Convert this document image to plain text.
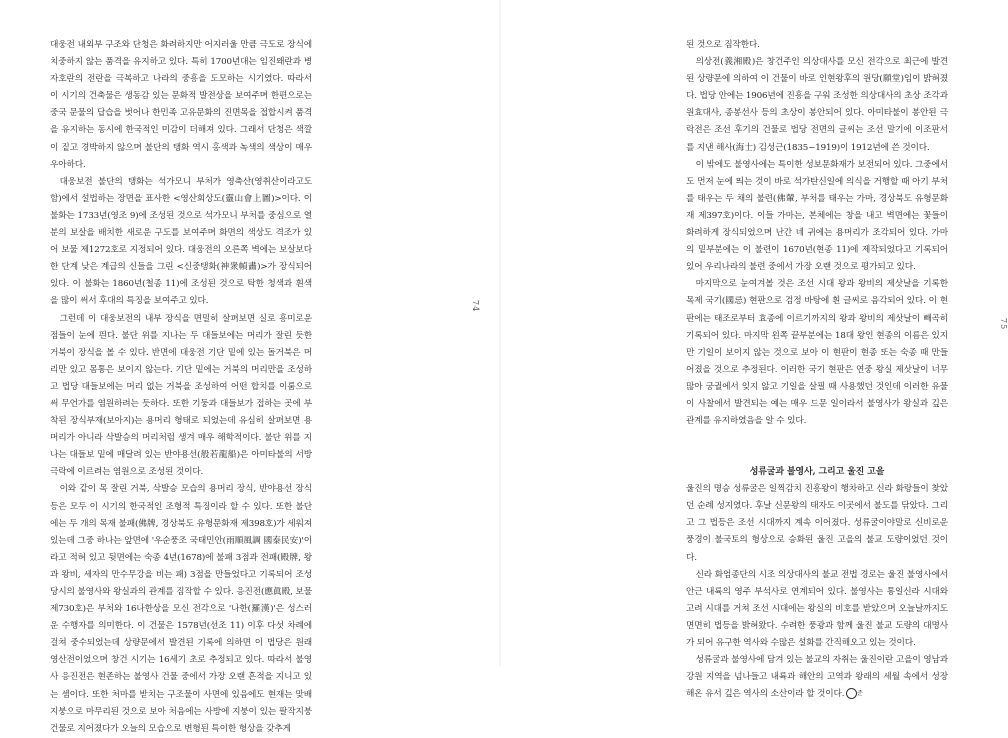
대웅전 내외부 구조와 단청은 화려하지만 어지러울 만큼 극도로 장식에 치중하지 않는 품격을 유지하고 있다. 특히 1700년대는 임진왜란과 병자호란의 전란을 극복하고 나라의 중흥을 도모하는 시기였다. 따라서 이 시기의 건축물은 생동감 있는 문화적 발전상을 보여주며 한편으로는 중국 문물의 답습을 벗어나 한민족 고유문화의 진면목을 접합시켜 품격을 유지하는 동시에 한국적인 미감이 더해져 있다. 그래서 단청은 색깔이 짙고 경박하지 않으며 불단의 탱화 역시 홍색과 녹색의 색상이 매우 우아하다.

대웅보전 불단의 탱화는 석가모니 부처가 영축산(영취산이라고도 함)에서 설법하는 장면을 표사한 <영산회상도(靈山會上圖)>이다. 이 불화는 1733년(영조 9)에 조성된 것으로 석가모니 부처를 중심으로 열 분의 보살을 배치한 새로운 구도를 보여주며 화면의 색상도 격조가 있어 보물 제1272호로 지정되어 있다. 대웅전의 오른쪽 벽에는 보살보다 한 단계 낮은 계급의 신들을 그린 <신중탱화(神衆幀畵)>가 장식되어 있다. 이 불화는 1860년(철종 11)에 조성된 것으로 탁한 청색과 흰색을 많이 써서 후대의 특징을 보여주고 있다.

그런데 이 대웅보전의 내부 장식을 면밀히 살펴보면 실로 흥미로운 점들이 눈에 띈다. 불단 위를 지나는 두 대들보에는 머리가 잘린 듯한 거북이 장식을 볼 수 있다. 반면에 대웅전 기단 밑에 있는 돌거북은 머리만 있고 몸통은 보이지 않는다. 기단 밑에는 거북의 머리만을 조성하고 법당 대들보에는 머리 없는 거북을 조성하여 어떤 합치를 이룸으로써 무언가를 염원하려는 듯하다. 또한 기둥과 대들보가 접하는 곳에 부착된 장식부재(보아지)는 용머리 형태로 되었는데 유심히 살펴보면 용머리가 아니라 삭발승의 머리처럼 생겨 매우 해학적이다. 불단 위를 지나는 대들보 밑에 매달려 있는 반야용선(般若龍船)은 아미타불의 서방극락에 이르려는 염원으로 조성된 것이다.

이와 같이 목 잘린 거북, 삭발승 모습의 용머리 장식, 반야용선 장식 등은 모두 이 시기의 한국적인 조형적 특징이라 할 수 있다. 또한 불단에는 두 개의 목재 불패(佛牌, 경상북도 유형문화재 제398호)가 세워져 있는데 그중 하나는 앞면에 '우순풍조 국태민안(雨順風調 國泰民安)'이라고 적혀 있고 뒷면에는 숙종 4년(1678)에 불패 3점과 전패(殿牌, 왕과 왕비, 세자의 만수무강을 비는 패) 3점을 만들었다고 기록되어 조성 당시의 불영사와 왕실과의 관계를 짐작할 수 있다. 응진전(應眞殿, 보물 제730호)은 부처와 16나한상을 모신 전각으로 '나한(羅漢)'은 성스러운 수행자를 의미한다. 이 건물은 1578년(선조 11) 이후 다섯 차례에 걸쳐 중수되었는데 상량문에서 발견된 기록에 의하면 이 법당은 원래 영산전이었으며 창건 시기는 16세기 초로 추정되고 있다. 따라서 불영사 응진전은 현존하는 불영사 건물 중에서 가장 오랜 흔적을 지니고 있는 셈이다. 또한 처마를 받치는 구조물이 사면에 있음에도 현재는 맞배지붕으로 마무리된 것으로 보아 처음에는 사방에 지붕이 있는 팔작지붕 건물로 지어졌다가 오늘의 모습으로 변형된 특이한 형상을 갖추게

74

된 것으로 짐작한다.

의상전(義湘殿)은 창건주인 의상대사를 모신 전각으로 최근에 발견된 상량문에 의하여 이 건물이 바로 인현왕후의 원당(願堂)임이 밝혀졌다. 법당 안에는 1906년에 진흥을 구워 조성한 의상대사의 초상 조각과 원효대사, 종봉선사 등의 초상이 봉안되어 있다. 아미타불이 봉안된 극락전은 조선 후기의 건물로 법당 전면의 글씨는 조선 말기에 이조판서를 지낸 해사(海士) 김성근(1835~1919)이 1912년에 쓴 것이다.

이 밖에도 불영사에는 특이한 성보문화재가 보전되어 있다. 그중에서도 먼저 눈에 띄는 것이 바로 석가탄신일에 의식을 거행할 때 아기 부처를 태우는 두 채의 불련(佛輦, 부처를 태우는 가마, 경상북도 유형문화재 제397호)이다. 이들 가마는, 본체에는 창을 내고 벽면에는 꽃들이 화려하게 장식되었으며 난간 네 귀에는 용머리가 조각되어 있다. 가마의 밑부분에는 이 불련이 1670년(현종 11)에 제작되었다고 기록되어 있어 우리나라의 불련 중에서 가장 오랜 것으로 평가되고 있다.

마지막으로 눈여겨볼 것은 조선 시대 왕과 왕비의 제삿날을 기록한 목제 국기(國忌) 현판으로 검정 바탕에 흰 글씨로 음각되어 있다. 이 현판에는 태조로부터 효종에 이르기까지의 왕과 왕비의 제삿날이 빼곡히 기록되어 있다. 마지막 왼쪽 끝부분에는 18대 왕인 현종의 이름은 있지만 기일이 보이지 않는 것으로 보아 이 현판이 현종 또는 숙종 때 만들어졌을 것으로 추정된다. 이러한 국기 현판은 연중 왕실 제삿날이 너무 많아 궁궐에서 잊지 않고 기일을 살필 때 사용했던 것인데 이러한 유물이 사찰에서 발견되는 예는 매우 드문 일이라서 불영사가 왕실과 깊은 관계를 유지하였음을 알 수 있다.

성류굴과 불영사, 그리고 울진 고을

울진의 명승 성류굴은 일찍감치 진흥왕이 행차하고 신라 화랑들이 찾았던 순례 성지였다. 후날 신문왕의 태자도 이곳에서 불도를 닦았다. 그리고 그 법등은 조선 시대까지 계속 이어졌다. 성류굴이야말로 신비로운 풍경이 불국토의 형상으로 승화된 울진 고을의 불교 도량이었던 것이다.

신라 화엄종단의 시조 의상대사의 불교 전법 경로는 울진 불영사에서 안근 내륙의 영주 부석사로 연계되어 있다. 불영사는 통일신라 시대와 고려 시대를 거쳐 조선 시대에는 왕실의 비호를 받았으며 오늘날까지도 면면히 법등을 밝혀왔다. 수려한 풍광과 함께 울진 불교 도량의 대명사가 되어 유구한 역사와 수많은 설화를 간직해오고 있는 것이다.

성류굴과 불영사에 담겨 있는 불교의 자취는 울진이란 고을이 영남과 강원 지역을 넘나들고 내륙과 해안의 고역과 왕래의 세월 속에서 성장해온 유서 깊은 역사의 소산이라 할 것이다. 준

75
